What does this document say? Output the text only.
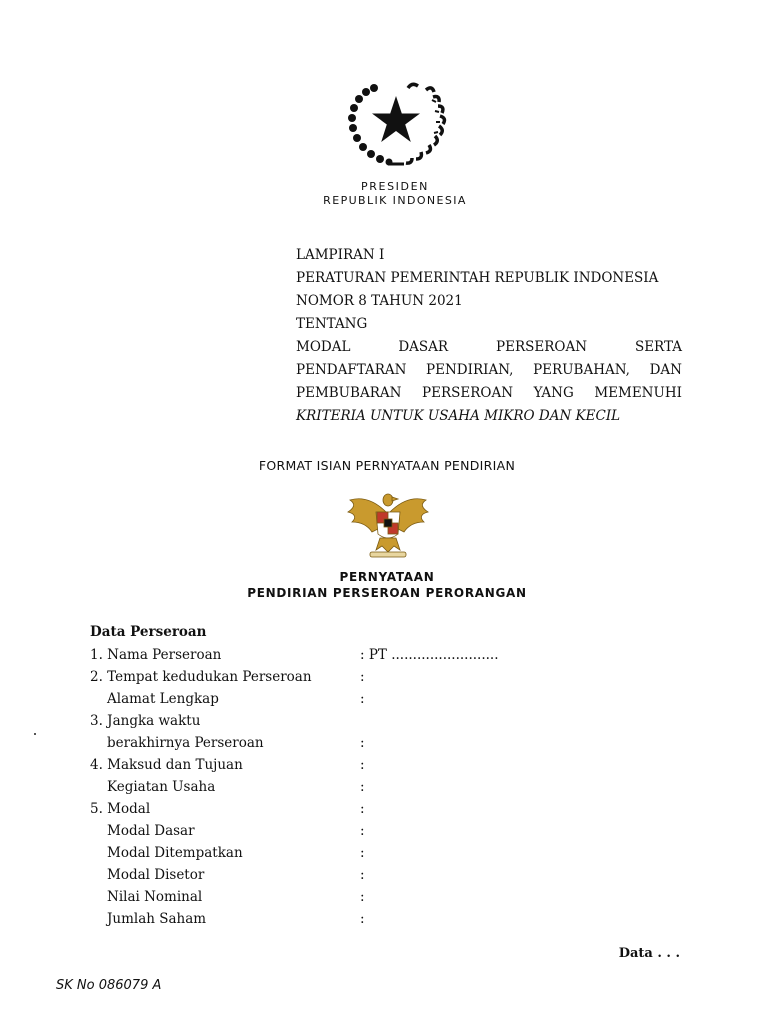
PRESIDEN
REPUBLIK INDONESIA
LAMPIRAN I
PERATURAN PEMERINTAH REPUBLIK INDONESIA
NOMOR 8 TAHUN 2021
TENTANG
MODAL	DASAR	PERSEROAN	SERTA
PENDAFTARAN PENDIRIAN, PERUBAHAN, DAN
PEMBUBARAN PERSEROAN YANG MEMENUHI
KRITERIA UNTUK USAHA MIKRO DAN KECIL
FORMAT ISIAN PERNYATAAN PENDIRIAN
PERNYATAAN
PENDIRIAN PERSEROAN PERORANGAN
Data Perseroan
1. Nama Perseroan	: PT .........................
2. Tempat kedudukan Perseroan	:
Alamat Lengkap	:
3. Jangka waktu
berakhirnya Perseroan	:
4. Maksud dan Tujuan	:
Kegiatan Usaha	:
5. Modal	:
Modal Dasar	:
Modal Ditempatkan	:
Modal Disetor	:
Nilai Nominal	:
Jumlah Saham	:
Data . . .
SK No 086079 A
